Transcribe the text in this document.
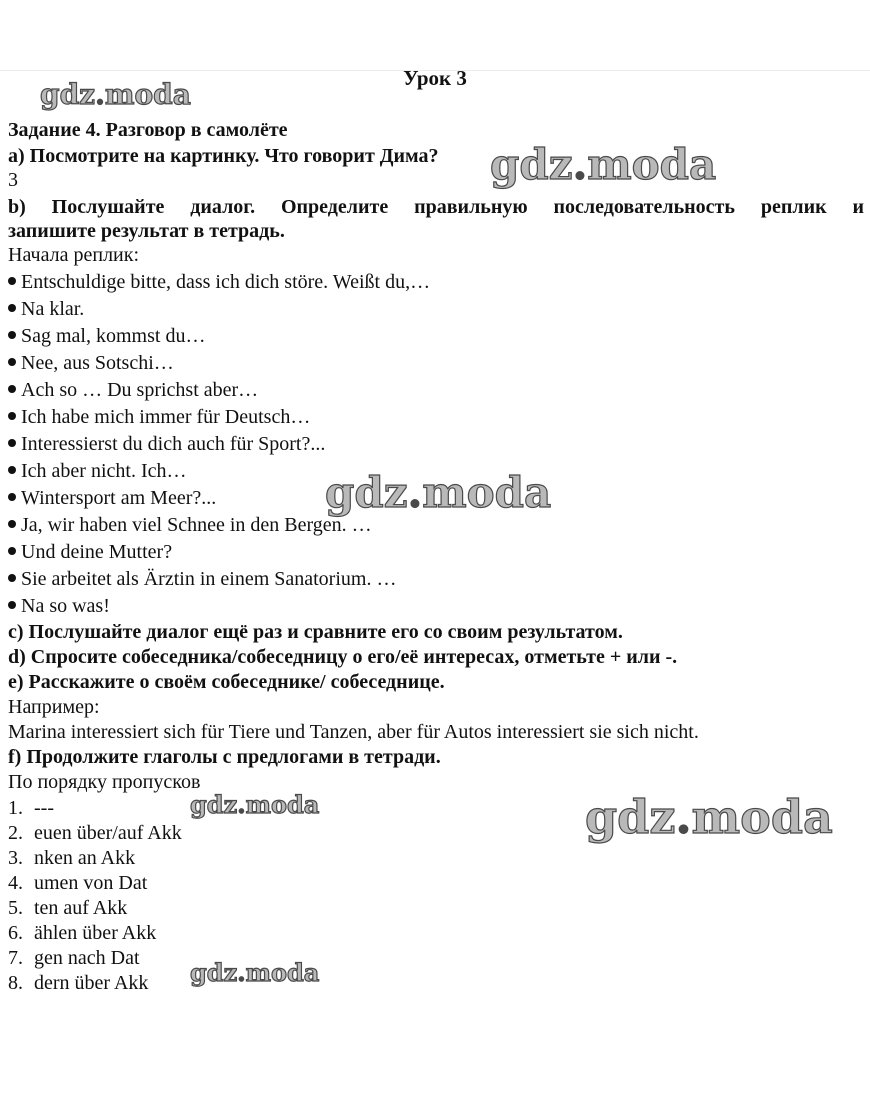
Урок 3
Задание 4. Разговор в самолёте
а) Посмотрите на картинку. Что говорит Дима?
3
b) Послушайте диалог. Определите правильную последовательность реплик и
запишите результат в тетрадь.
Начала реплик:
Entschuldige bitte, dass ich dich störe. Weißt du,…
Na klar.
Sag mal, kommst du…
Nee, aus Sotschi…
Ach so … Du sprichst aber…
Ich habe mich immer für Deutsch…
Interessierst du dich auch für Sport?...
Ich aber nicht. Ich…
Wintersport am Meer?...
Ja, wir haben viel Schnee in den Bergen. …
Und deine Mutter?
Sie arbeitet als Ärztin in einem Sanatorium. …
Na so was!
с) Послушайте диалог ещё раз и сравните его со своим результатом.
d) Спросите собеседника/собеседницу о его/её интересах, отметьте + или -.
е) Расскажите о своём собеседнике/ собеседнице.
Например:
Marina interessiert sich für Tiere und Tanzen, aber für Autos interessiert sie sich nicht.
f) Продолжите глаголы с предлогами в тетради.
По порядку пропусков
1. ---
2. euen über/auf Akk
3. nken an Akk
4. umen von Dat
5. ten auf Akk
6. ählen über Akk
7. gen nach Dat
8. dern über Akk
gdz.moda
gdz.moda
gdz.moda
gdz.moda	gdz.moda
gdz.moda
